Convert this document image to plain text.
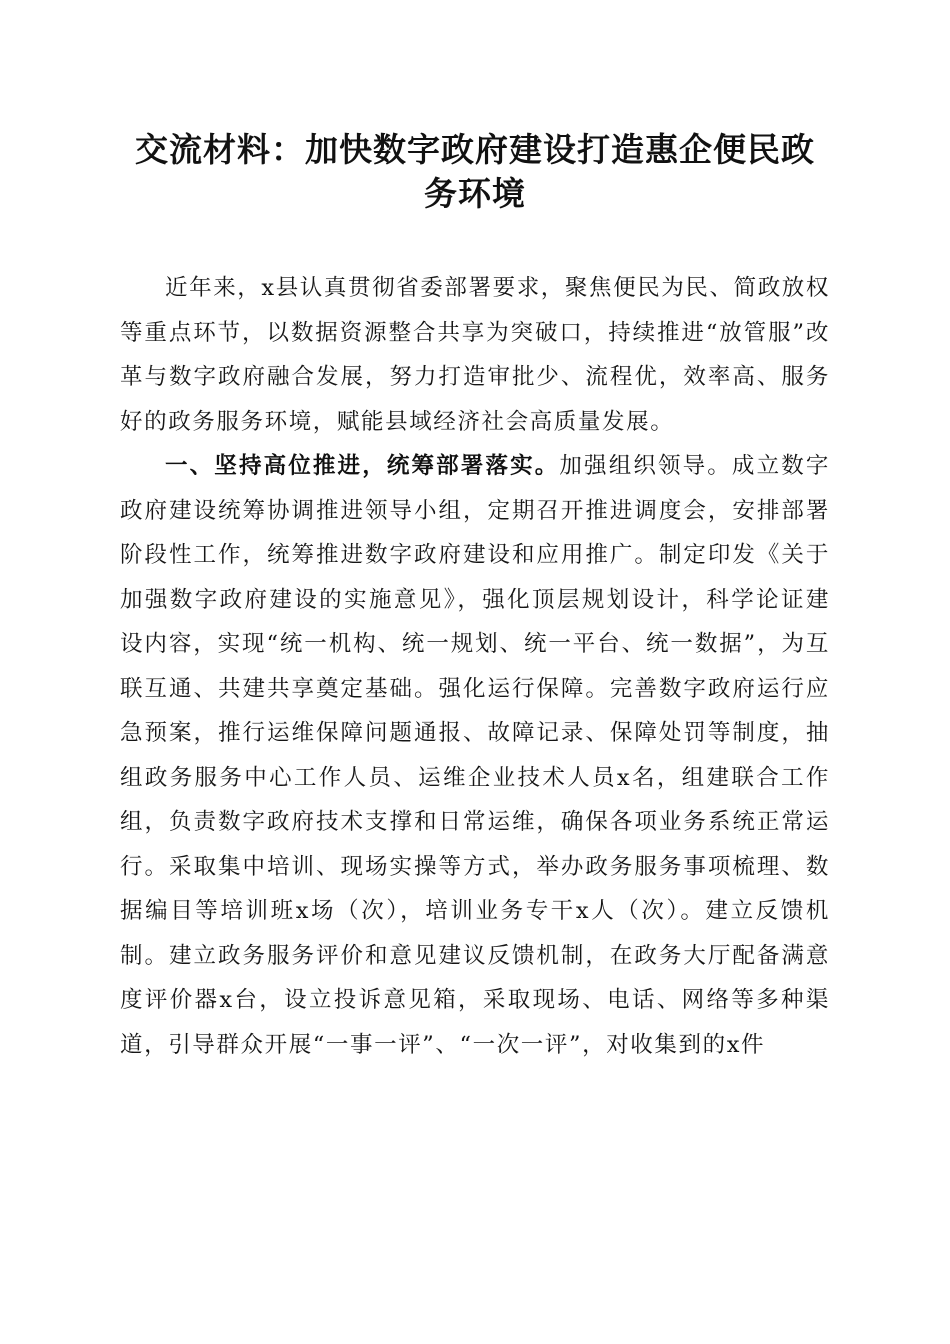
交流材料：加快数字政府建设打造惠企便民政务环境

近年来，x县认真贯彻省委部署要求，聚焦便民为民、简政放权等重点环节，以数据资源整合共享为突破口，持续推进“放管服”改革与数字政府融合发展，努力打造审批少、流程优，效率高、服务好的政务服务环境，赋能县域经济社会高质量发展。

一、坚持高位推进，统筹部署落实。加强组织领导。成立数字政府建设统筹协调推进领导小组，定期召开推进调度会，安排部署阶段性工作，统筹推进数字政府建设和应用推广。制定印发《关于加强数字政府建设的实施意见》，强化顶层规划设计，科学论证建设内容，实现“统一机构、统一规划、统一平台、统一数据”，为互联互通、共建共享奠定基础。强化运行保障。完善数字政府运行应急预案，推行运维保障问题通报、故障记录、保障处罚等制度，抽组政务服务中心工作人员、运维企业技术人员x名，组建联合工作组，负责数字政府技术支撑和日常运维，确保各项业务系统正常运行。采取集中培训、现场实操等方式，举办政务服务事项梳理、数据编目等培训班x场（次），培训业务专干x人（次）。建立反馈机制。建立政务服务评价和意见建议反馈机制，在政务大厅配备满意度评价器x台，设立投诉意见箱，采取现场、电话、网络等多种渠道，引导群众开展“一事一评”、“一次一评”，对收集到的x件
